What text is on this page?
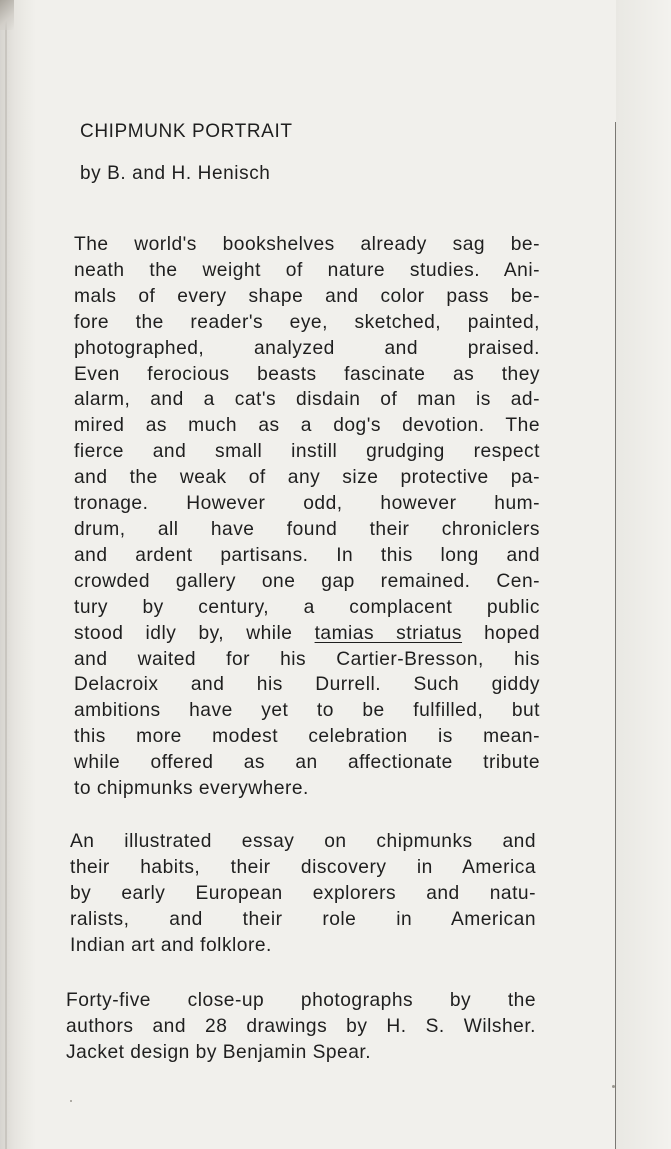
CHIPMUNK PORTRAIT
by B. and H. Henisch
The world's bookshelves already sag be-
neath the weight of nature studies. Ani-
mals of every shape and color pass be-
fore the reader's eye, sketched, painted,
photographed, analyzed and praised.
Even ferocious beasts fascinate as they
alarm, and a cat's disdain of man is ad-
mired as much as a dog's devotion. The
fierce and small instill grudging respect
and the weak of any size protective pa-
tronage. However odd, however hum-
drum, all have found their chroniclers
and ardent partisans. In this long and
crowded gallery one gap remained. Cen-
tury by century, a complacent public
stood idly by, while tamias striatus hoped
and waited for his Cartier-Bresson, his
Delacroix and his Durrell. Such giddy
ambitions have yet to be fulfilled, but
this more modest celebration is mean-
while offered as an affectionate tribute
to chipmunks everywhere.
An illustrated essay on chipmunks and
their habits, their discovery in America
by early European explorers and natu-
ralists, and their role in American
Indian art and folklore.
Forty-five close-up photographs by the
authors and 28 drawings by H. S. Wilsher.
Jacket design by Benjamin Spear.
